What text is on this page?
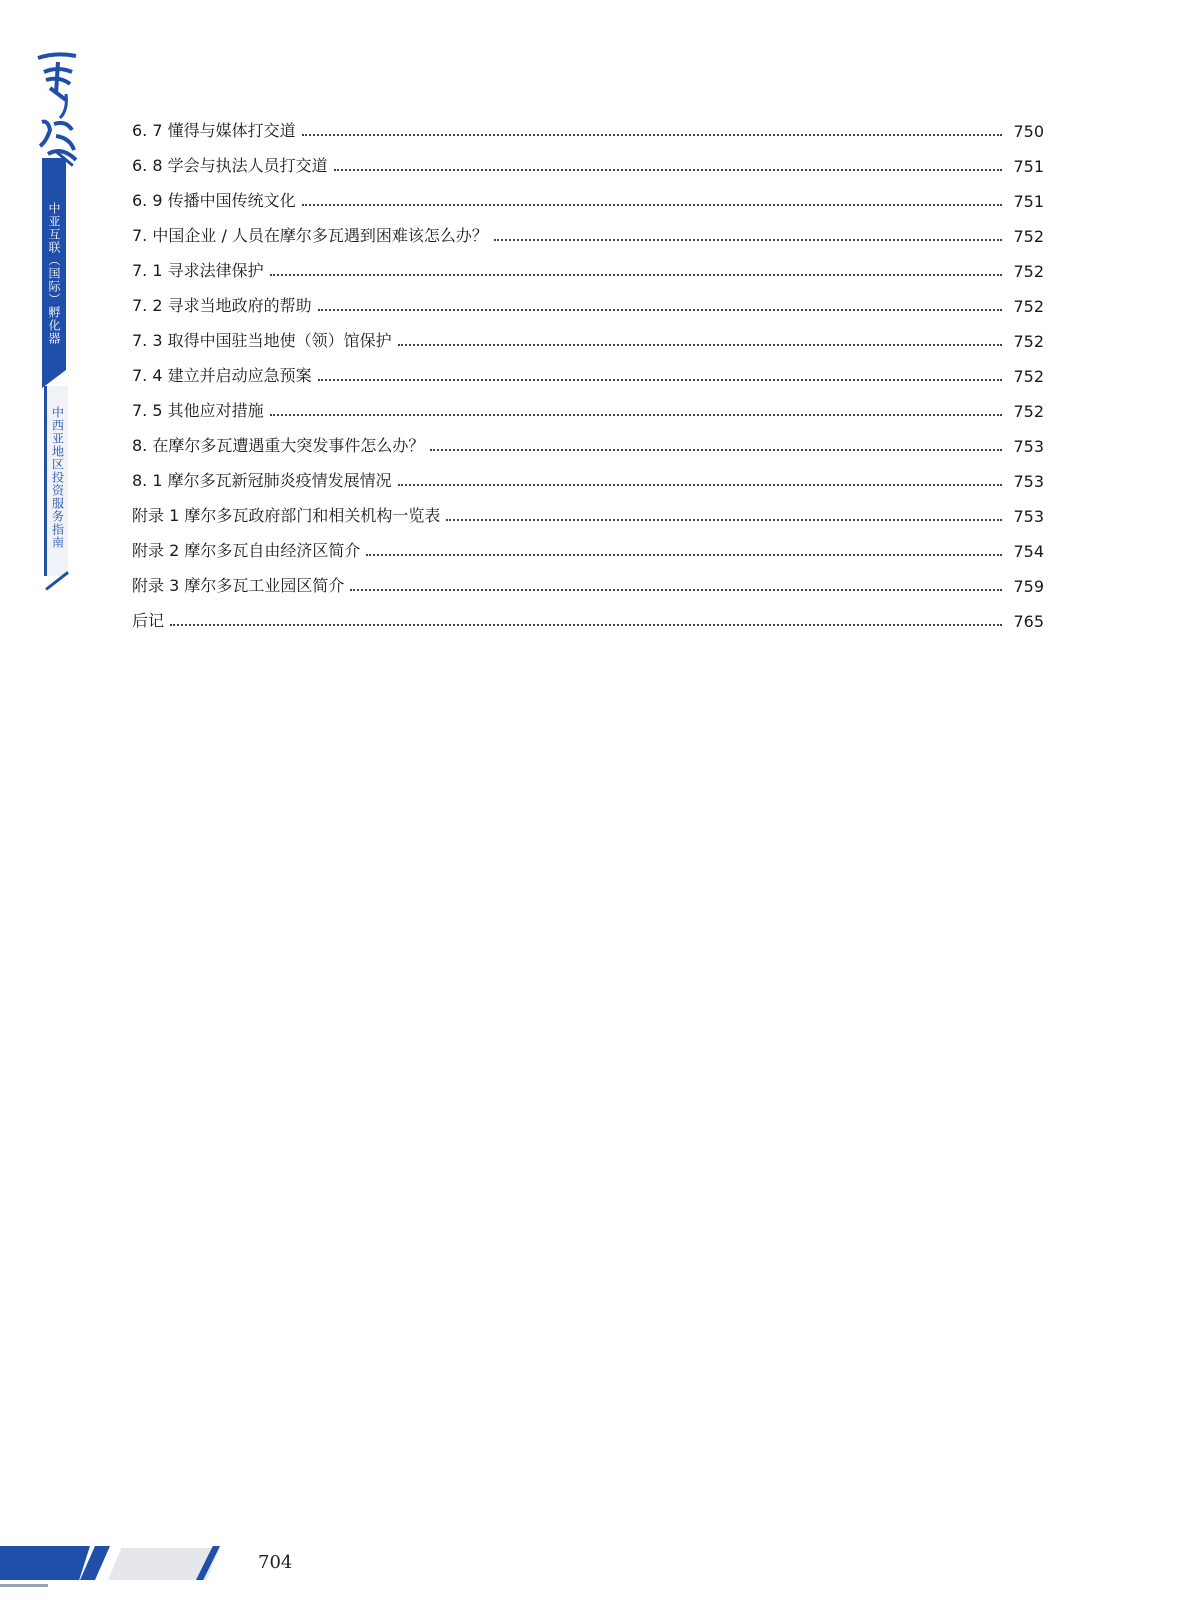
中亚互联（国际）孵化器
中西亚地区投资服务指南
6. 7 懂得与媒体打交道	750
6. 8 学会与执法人员打交道	751
6. 9 传播中国传统文化	751
7. 中国企业 / 人员在摩尔多瓦遇到困难该怎么办？	752
7. 1 寻求法律保护	752
7. 2 寻求当地政府的帮助	752
7. 3 取得中国驻当地使（领）馆保护	752
7. 4 建立并启动应急预案	752
7. 5 其他应对措施	752
8. 在摩尔多瓦遭遇重大突发事件怎么办？	753
8. 1 摩尔多瓦新冠肺炎疫情发展情况	753
附录 1 摩尔多瓦政府部门和相关机构一览表	753
附录 2 摩尔多瓦自由经济区简介	754
附录 3 摩尔多瓦工业园区简介	759
后记	765
704
